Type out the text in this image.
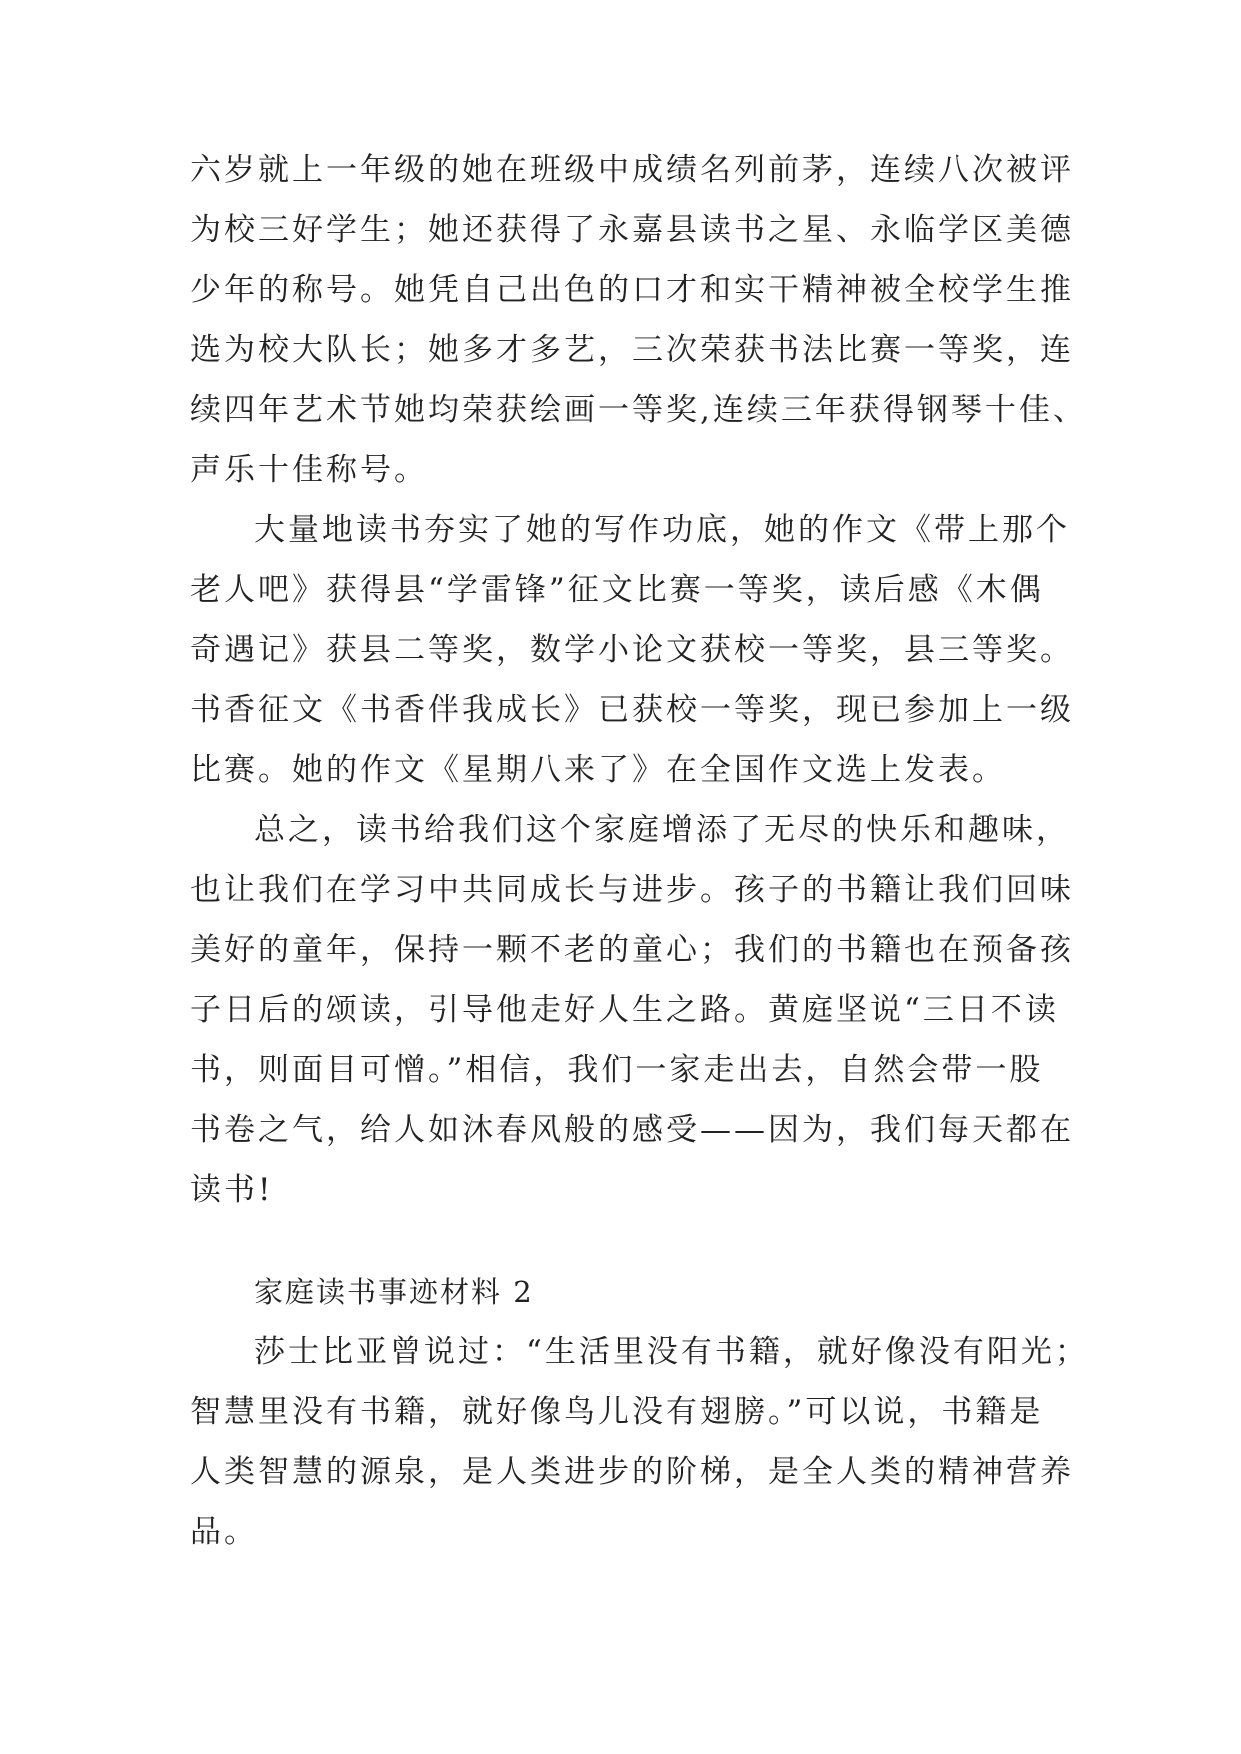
六岁就上一年级的她在班级中成绩名列前茅，连续八次被评
为校三好学生；她还获得了永嘉县读书之星、永临学区美德
少年的称号。她凭自己出色的口才和实干精神被全校学生推
选为校大队长；她多才多艺，三次荣获书法比赛一等奖，连
续四年艺术节她均荣获绘画一等奖,连续三年获得钢琴十佳、
声乐十佳称号。
大量地读书夯实了她的写作功底，她的作文《带上那个
老人吧》获得县“学雷锋”征文比赛一等奖，读后感《木偶
奇遇记》获县二等奖，数学小论文获校一等奖，县三等奖。
书香征文《书香伴我成长》已获校一等奖，现已参加上一级
比赛。她的作文《星期八来了》在全国作文选上发表。
总之，读书给我们这个家庭增添了无尽的快乐和趣味，
也让我们在学习中共同成长与进步。孩子的书籍让我们回味
美好的童年，保持一颗不老的童心；我们的书籍也在预备孩
子日后的颂读，引导他走好人生之路。黄庭坚说“三日不读
书，则面目可憎。”相信，我们一家走出去，自然会带一股
书卷之气，给人如沐春风般的感受——因为，我们每天都在
读书!
家庭读书事迹材料 2
莎士比亚曾说过：“生活里没有书籍，就好像没有阳光；
智慧里没有书籍，就好像鸟儿没有翅膀。”可以说，书籍是
人类智慧的源泉，是人类进步的阶梯，是全人类的精神营养
品。
